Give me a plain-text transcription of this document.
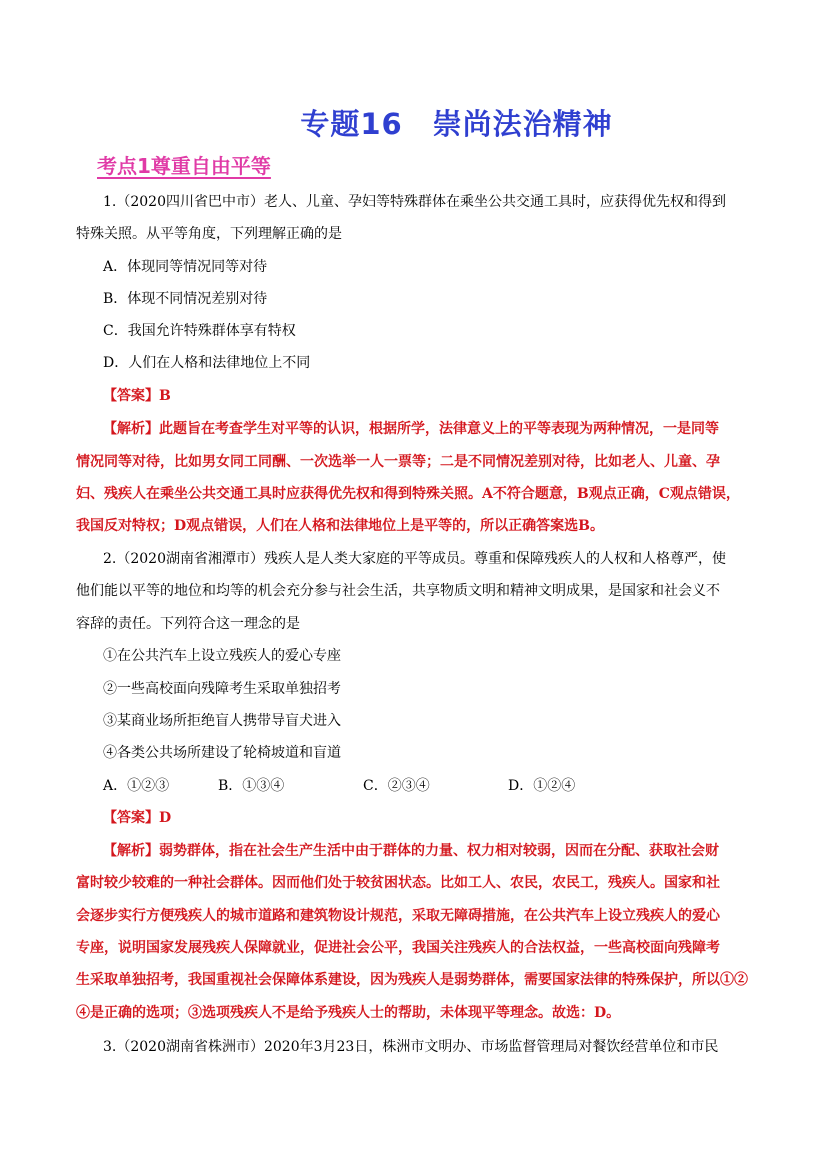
专题16　崇尚法治精神
考点1尊重自由平等
1.（2020四川省巴中市）老人、儿童、孕妇等特殊群体在乘坐公共交通工具时，应获得优先权和得到
特殊关照。从平等角度，下列理解正确的是
A．体现同等情况同等对待
B．体现不同情况差别对待
C．我国允许特殊群体享有特权
D．人们在人格和法律地位上不同
【答案】B
【解析】此题旨在考查学生对平等的认识，根据所学，法律意义上的平等表现为两种情况，一是同等
情况同等对待，比如男女同工同酬、一次选举一人一票等；二是不同情况差别对待，比如老人、儿童、孕
妇、残疾人在乘坐公共交通工具时应获得优先权和得到特殊关照。A不符合题意，B观点正确，C观点错误，
我国反对特权；D观点错误，人们在人格和法律地位上是平等的，所以正确答案选B。
2.（2020湖南省湘潭市）残疾人是人类大家庭的平等成员。尊重和保障残疾人的人权和人格尊严，使
他们能以平等的地位和均等的机会充分参与社会生活，共享物质文明和精神文明成果，是国家和社会义不
容辞的责任。下列符合这一理念的是
①在公共汽车上设立残疾人的爱心专座
②一些高校面向残障考生采取单独招考
③某商业场所拒绝盲人携带导盲犬进入
④各类公共场所建设了轮椅坡道和盲道
A．①②③	B．①③④	C．②③④	D．①②④
【答案】D
【解析】弱势群体，指在社会生产生活中由于群体的力量、权力相对较弱，因而在分配、获取社会财
富时较少较难的一种社会群体。因而他们处于较贫困状态。比如工人、农民，农民工，残疾人。国家和社
会逐步实行方便残疾人的城市道路和建筑物设计规范，采取无障碍措施，在公共汽车上设立残疾人的爱心
专座，说明国家发展残疾人保障就业，促进社会公平，我国关注残疾人的合法权益，一些高校面向残障考
生采取单独招考，我国重视社会保障体系建设，因为残疾人是弱势群体，需要国家法律的特殊保护，所以①②
④是正确的选项；③选项残疾人不是给予残疾人士的帮助，未体现平等理念。故选：D。
3.（2020湖南省株洲市）2020年3月23日，株洲市文明办、市场监督管理局对餐饮经营单位和市民
